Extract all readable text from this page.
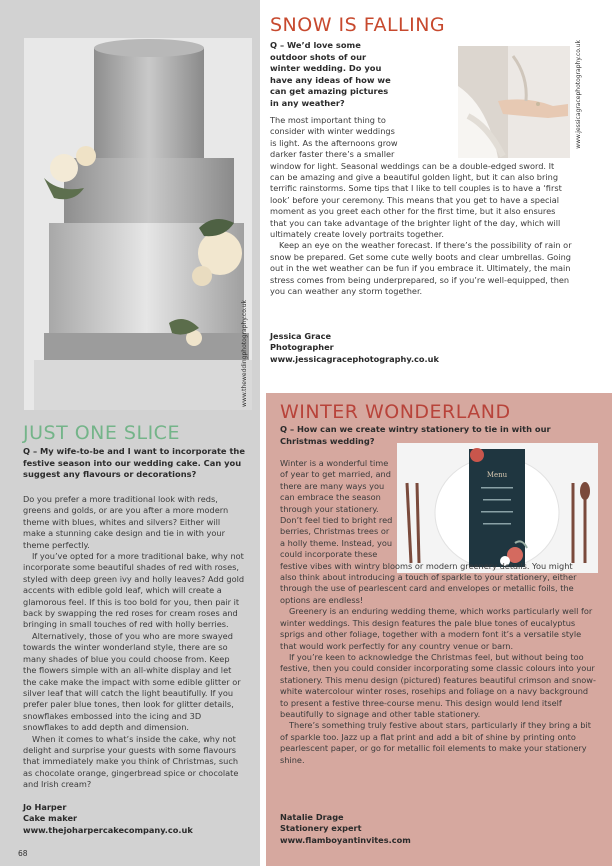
www.theweddingphotography.co.uk
SNOW IS FALLING
Q – We’d love some outdoor shots of our winter wedding. Do you have any ideas of how we can get amazing pictures in any weather?	www.jessicagracephotography.co.uk
The most important thing to
consider with winter weddings
is light. As the afternoons grow
darker faster there’s a smaller
window for light. Seasonal weddings can be a double-edged sword. It
can be amazing and give a beautiful golden light, but it can also bring
terrific rainstorms. Some tips that I like to tell couples is to have a ‘first
look’ before your ceremony. This means that you get to have a special
moment as you greet each other for the first time, but it also ensures
that you can take advantage of the brighter light of the day, which will
ultimately create lovely portraits together.
Keep an eye on the weather forecast. If there’s the possibility of rain or
snow be prepared. Get some cute welly boots and clear umbrellas. Going
out in the wet weather can be fun if you embrace it. Ultimately, the main
stress comes from being underprepared, so if you’re well-equipped, then
you can weather any storm together.
Jessica Grace
Photographer
www.jessicagracephotography.co.uk
JUST ONE SLICE
Q – My wife-to-be and I want to incorporate the festive season into our wedding cake. Can you suggest any flavours or decorations?

Do you prefer a more traditional look with reds, greens and golds, or are you after a more modern theme with blues, whites and silvers? Either will make a stunning cake design and tie in with your theme perfectly.

If you’ve opted for a more traditional bake, why not incorporate some beautiful shades of red with roses, styled with deep green ivy and holly leaves? Add gold accents with edible gold leaf, which will create a glamorous feel. If this is too bold for you, then pair it back by swapping the red roses for cream roses and bringing in small touches of red with holly berries.

Alternatively, those of you who are more swayed towards the winter wonderland style, there are so many shades of blue you could choose from. Keep the flowers simple with an all-white display and let the cake make the impact with some edible glitter or silver leaf that will catch the light beautifully. If you prefer paler blue tones, then look for glitter details, snowflakes embossed into the icing and 3D snowflakes to add depth and dimension.

When it comes to what’s inside the cake, why not delight and surprise your guests with some flavours that immediately make you think of Christmas, such as chocolate orange, gingerbread spice or chocolate and Irish cream?

Jo Harper
Cake maker
www.thejoharpercakecompany.co.uk
68
WINTER WONDERLAND
Q – How can we create wintry stationery to tie in with our Christmas wedding?
Menu
Winter is a wonderful time
of year to get married, and
there are many ways you
can embrace the season
through your stationery.
Don’t feel tied to bright red
berries, Christmas trees or
a holly theme. Instead, you
could incorporate these
festive vibes with wintry blooms or modern greenery details. You might
also think about introducing a touch of sparkle to your stationery, either
through the use of pearlescent card and envelopes or metallic foils, the
options are endless!

Greenery is an enduring wedding theme, which works particularly well for winter weddings. This design features the pale blue tones of eucalyptus sprigs and other foliage, together with a modern font it’s a versatile style that would work perfectly for any country venue or barn.

If you’re keen to acknowledge the Christmas feel, but without being too festive, then you could consider incorporating some classic colours into your stationery. This menu design (pictured) features beautiful crimson and snow-white watercolour winter roses, rosehips and foliage on a navy background to present a festive three-course menu. This design would lend itself beautifully to signage and other table stationery.

There’s something truly festive about stars, particularly if they bring a bit of sparkle too. Jazz up a flat print and add a bit of shine by printing onto pearlescent paper, or go for metallic foil elements to make your stationery shine.

Natalie Drage
Stationery expert
www.flamboyantinvites.com
